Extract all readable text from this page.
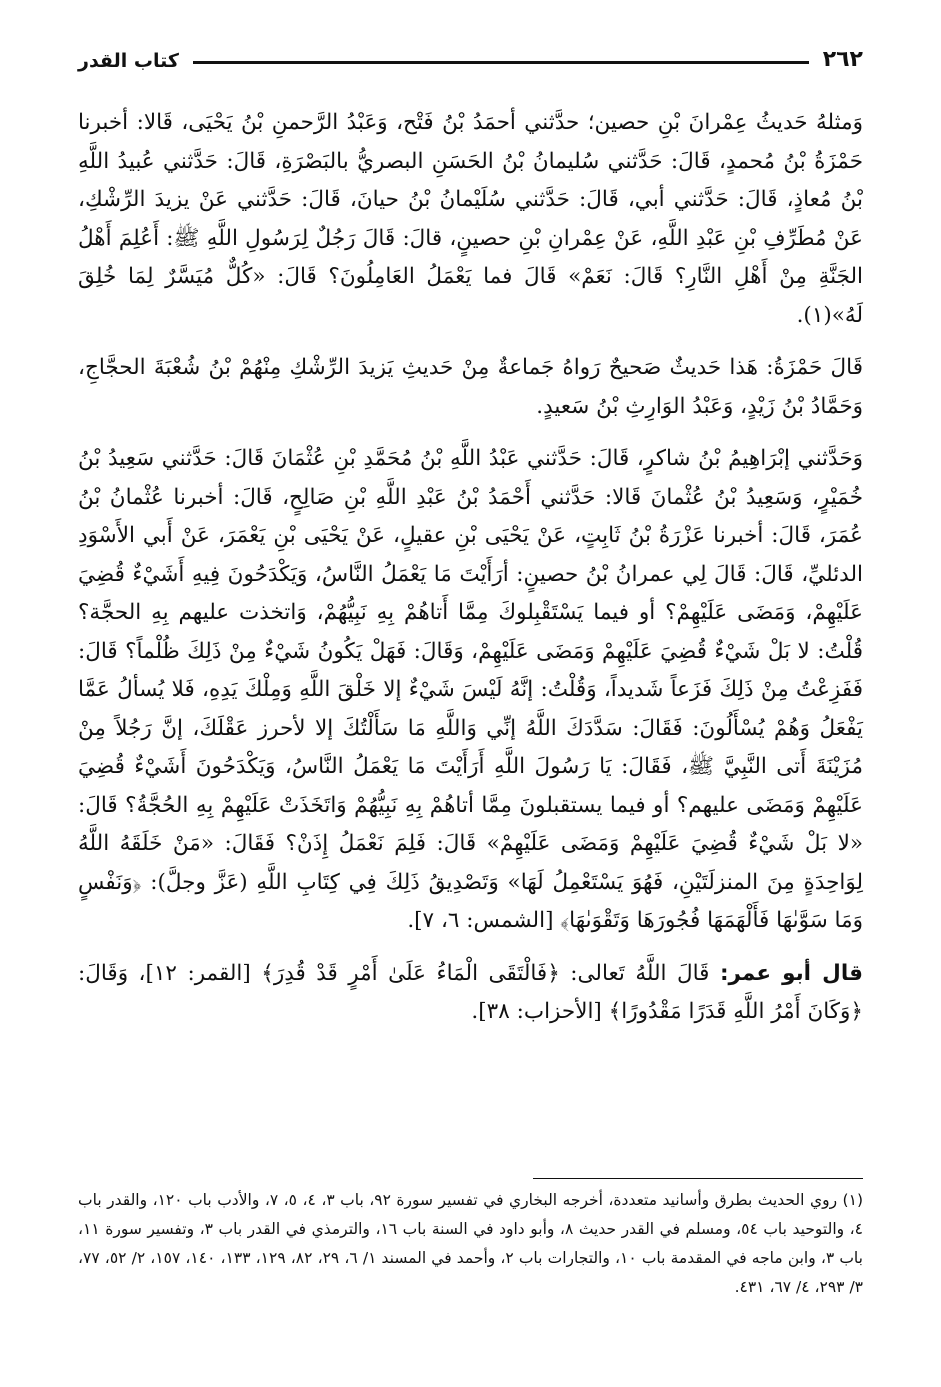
٢٦٢
كتاب القدر

وَمثلهُ حَديثُ عِمْرانَ بْنِ حصين؛ حدَّثني أحمَدُ بْنُ فَتْح، وَعَبْدُ الرَّحمنِ بْنُ يَحْيَى، قَالا: أخبرنا حَمْزَةُ بْنُ مُحمدٍ، قَالَ: حَدَّثني سُليمانُ بْنُ الحَسَنِ البصريُّ بالبَصْرَةِ، قَالَ: حَدَّثني عُبيدُ اللَّهِ بْنُ مُعاذٍ، قَالَ: حَدَّثني أبي، قَالَ: حَدَّثني سُلَيْمانُ بْنُ حيانَ، قَالَ: حَدَّثني عَنْ يزيدَ الرِّشْكِ، عَنْ مُطَرِّفِ بْنِ عَبْدِ اللَّهِ، عَنْ عِمْرانِ بْنِ حصينٍ، قالَ: قَالَ رَجُلٌ لِرَسُولِ اللَّهِ ﷺ: أَعُلِمَ أَهْلُ الجَنَّةِ مِنْ أَهْلِ النَّارِ؟ قَالَ: نَعَمْ» قَالَ فما يَعْمَلُ العَامِلُونَ؟ قَالَ: «كُلٌّ مُيَسَّرٌ لِمَا خُلِقَ لَهُ»(١).

قَالَ حَمْزَةُ: هَذا حَديثٌ صَحيحٌ رَواهُ جَماعةٌ مِنْ حَديثِ يَزيدَ الرِّشْكِ مِنْهُمْ بْنُ شُعْبَةَ الحجَّاجِ، وَحَمَّادُ بْنُ زَيْدٍ، وَعَبْدُ الوَارِثِ بْنُ سَعيدٍ.

وَحَدَّثني إبْرَاهِيمُ بْنُ شاكرٍ، قَالَ: حَدَّثني عَبْدُ اللَّهِ بْنُ مُحَمَّدِ بْنِ عُثْمَانَ قَالَ: حَدَّثني سَعِيدُ بْنُ خُمَيْرٍ، وَسَعِيدُ بْنُ عُثْمانَ قَالا: حَدَّثني أَحْمَدُ بْنُ عَبْدِ اللَّهِ بْنِ صَالِحٍ، قَالَ: أخبرنا عُثْمانُ بْنُ عُمَرَ، قَالَ: أخبرنا عَزْرَةُ بْنُ ثَابِتٍ، عَنْ يَحْيَى بْنِ عقيلٍ، عَنْ يَحْيَى بْنِ يَعْمَرَ، عَنْ أَبي الأَسْوَدِ الدئليِّ، قَالَ: قَالَ لِي عمرانُ بْنُ حصينٍ: أرَأَيْتَ مَا يَعْمَلُ النَّاسُ، وَيَكْدَحُونَ فِيهِ أَشَيْءٌ قُضِيَ عَلَيْهِمْ، وَمَضَى عَلَيْهِمْ؟ أو فيما يَسْتَقْبِلوكَ مِمَّا أَتاهُمْ بِهِ نَبِيُّهُمْ، وَاتخذت عليهم بِهِ الحجَّة؟ قُلْتُ: لا بَلْ شَيْءٌ قُضِيَ عَلَيْهِمْ وَمَضَى عَلَيْهِمْ، وَقَالَ: فَهَلْ يَكُونُ شَيْءٌ مِنْ ذَلِكَ ظُلْماً؟ قَالَ: فَفَزِعْتُ مِنْ ذَلِكَ فَزَعاً شَديداً، وَقُلْتُ: إنَّهُ لَيْسَ شَيْءٌ إلا خَلْقَ اللَّهِ وَمِلْكَ يَدِهِ، فَلا يُسألُ عَمَّا يَفْعَلُ وَهُمْ يُسْأَلُونَ: فَقَالَ: سَدَّدَكَ اللَّهُ إنِّي وَاللَّهِ مَا سَأَلْتُكَ إلا لأحرز عَقْلَكَ، إنَّ رَجُلاً مِنْ مُزَيْنَةَ أَتى النَّبِيَّ ﷺ، فَقَالَ: يَا رَسُولَ اللَّهِ أَرَأَيْتَ مَا يَعْمَلُ النَّاسُ، وَيَكْدَحُونَ أَشَيْءٌ قُضِيَ عَلَيْهِمْ وَمَضَى عليهم؟ أو فيما يستقبلونَ مِمَّا أتاهُمْ بِهِ نَبِيُّهُمْ وَاتَخَذَتْ عَلَيْهِمْ بِهِ الحُجَّةُ؟ قَالَ: «لا بَلْ شَيْءٌ قُضِيَ عَلَيْهِمْ وَمَضَى عَلَيْهِمْ» قَالَ: فَلِمَ نَعْمَلُ إِذَنْ؟ فَقَالَ: «مَنْ خَلَقَهُ اللَّهُ لِوَاحِدَةٍ مِنَ المنزلَتَيْنِ، فَهُوَ يَسْتَعْمِلُ لَهَا» وَتَصْدِيقُ ذَلِكَ فِي كِتَابِ اللَّهِ (عَزَّ وجلَّ): ﴿وَنَفْسٍ وَمَا سَوَّىٰهَا فَأَلْهَمَهَا فُجُورَهَا وَتَقْوَىٰهَا﴾ [الشمس: ٦، ٧].

قال أبو عمر: قَالَ اللَّهُ تَعالى: ﴿فَالْتَقَى الْمَاءُ عَلَىٰ أَمْرٍ قَدْ قُدِرَ﴾ [القمر: ١٢]، وَقَالَ: ﴿وَكَانَ أَمْرُ اللَّهِ قَدَرًا مَقْدُورًا﴾ [الأحزاب: ٣٨].

(١) روي الحديث بطرق وأسانيد متعددة، أخرجه البخاري في تفسير سورة ٩٢، باب ٣، ٤، ٥، ٧، والأدب باب ١٢٠، والقدر باب ٤، والتوحيد باب ٥٤، ومسلم في القدر حديث ٨، وأبو داود في السنة باب ١٦، والترمذي في القدر باب ٣، وتفسير سورة ١١، باب ٣، وابن ماجه في المقدمة باب ١٠، والتجارات باب ٢، وأحمد في المسند ١/ ٦، ٢٩، ٨٢، ١٢٩، ١٣٣، ١٤٠، ١٥٧، ٢/ ٥٢، ٧٧، ٣/ ٢٩٣، ٤/ ٦٧، ٤٣١.
